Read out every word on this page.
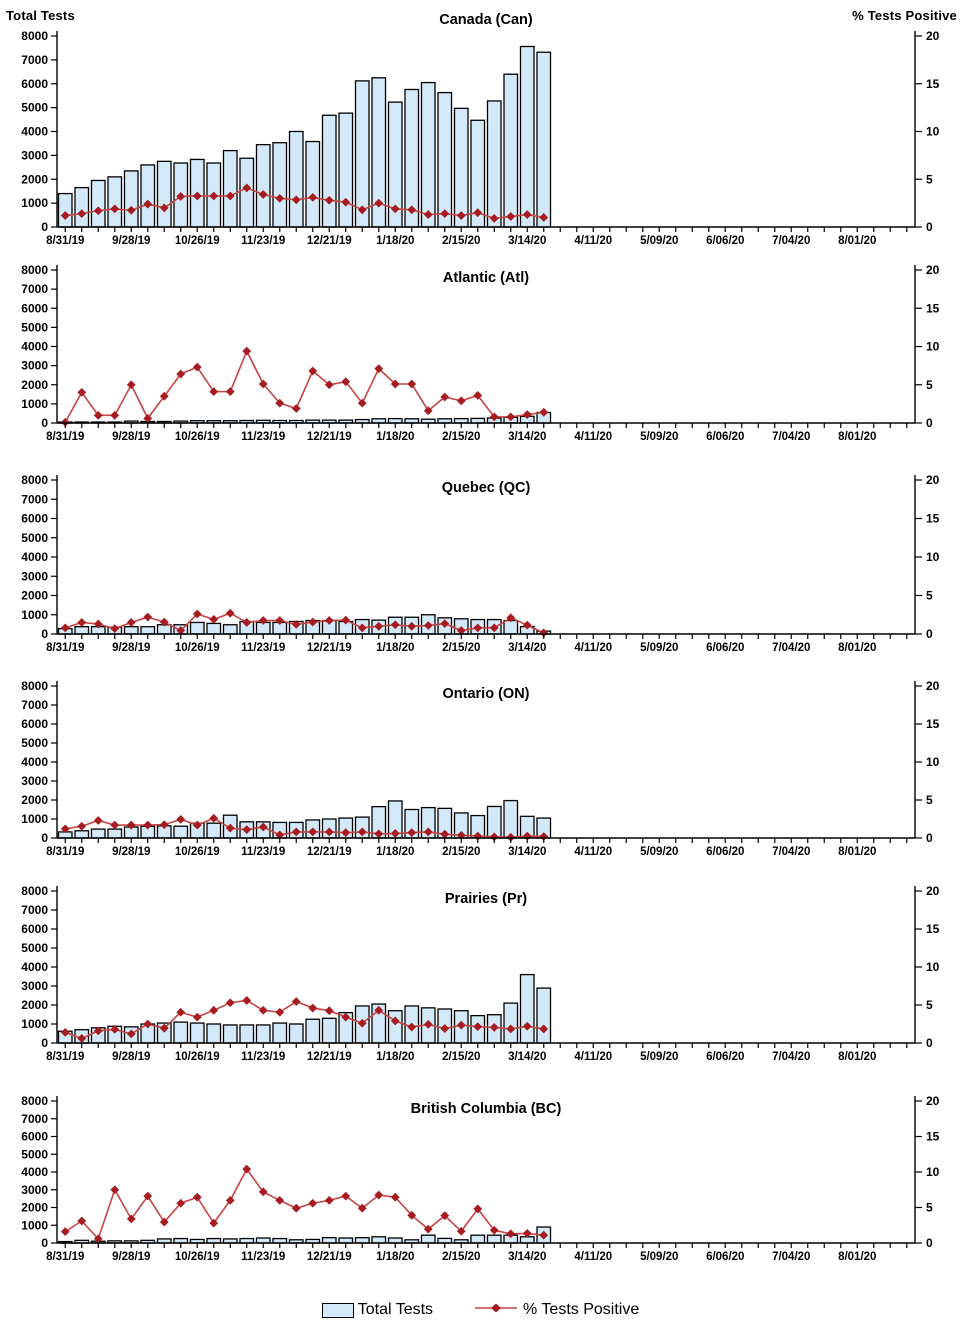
Total Tests	% Tests Positive
8/31/19 9/28/19 10/26/19 11/23/19 12/21/19 1/18/20 2/15/20 3/14/20 4/11/20 5/09/20 6/06/20 7/04/20 8/01/20
0
1000
2000
3000
4000
5000
6000
7000
8000
0
5
10
15
20
Canada (Can)
8/31/19 9/28/19 10/26/19 11/23/19 12/21/19 1/18/20 2/15/20 3/14/20 4/11/20 5/09/20 6/06/20 7/04/20 8/01/20
0
1000
2000
3000
4000
5000
6000
7000
8000
0
5
10
15
20
Atlantic (Atl)
8/31/19 9/28/19 10/26/19 11/23/19 12/21/19 1/18/20 2/15/20 3/14/20 4/11/20 5/09/20 6/06/20 7/04/20 8/01/20
0
1000
2000
3000
4000
5000
6000
7000
8000
0
5
10
15
20
Quebec (QC)
8/31/19 9/28/19 10/26/19 11/23/19 12/21/19 1/18/20 2/15/20 3/14/20 4/11/20 5/09/20 6/06/20 7/04/20 8/01/20
0
1000
2000
3000
4000
5000
6000
7000
8000
0
5
10
15
20
Ontario (ON)
8/31/19 9/28/19 10/26/19 11/23/19 12/21/19 1/18/20 2/15/20 3/14/20 4/11/20 5/09/20 6/06/20 7/04/20 8/01/20
0
1000
2000
3000
4000
5000
6000
7000
8000
0
5
10
15
20
Prairies (Pr)
8/31/19 9/28/19 10/26/19 11/23/19 12/21/19 1/18/20 2/15/20 3/14/20 4/11/20 5/09/20 6/06/20 7/04/20 8/01/20
0
1000
2000
3000
4000
5000
6000
7000
8000
0
5
10
15
20
British Columbia (BC)
Total Tests	% Tests Positive
